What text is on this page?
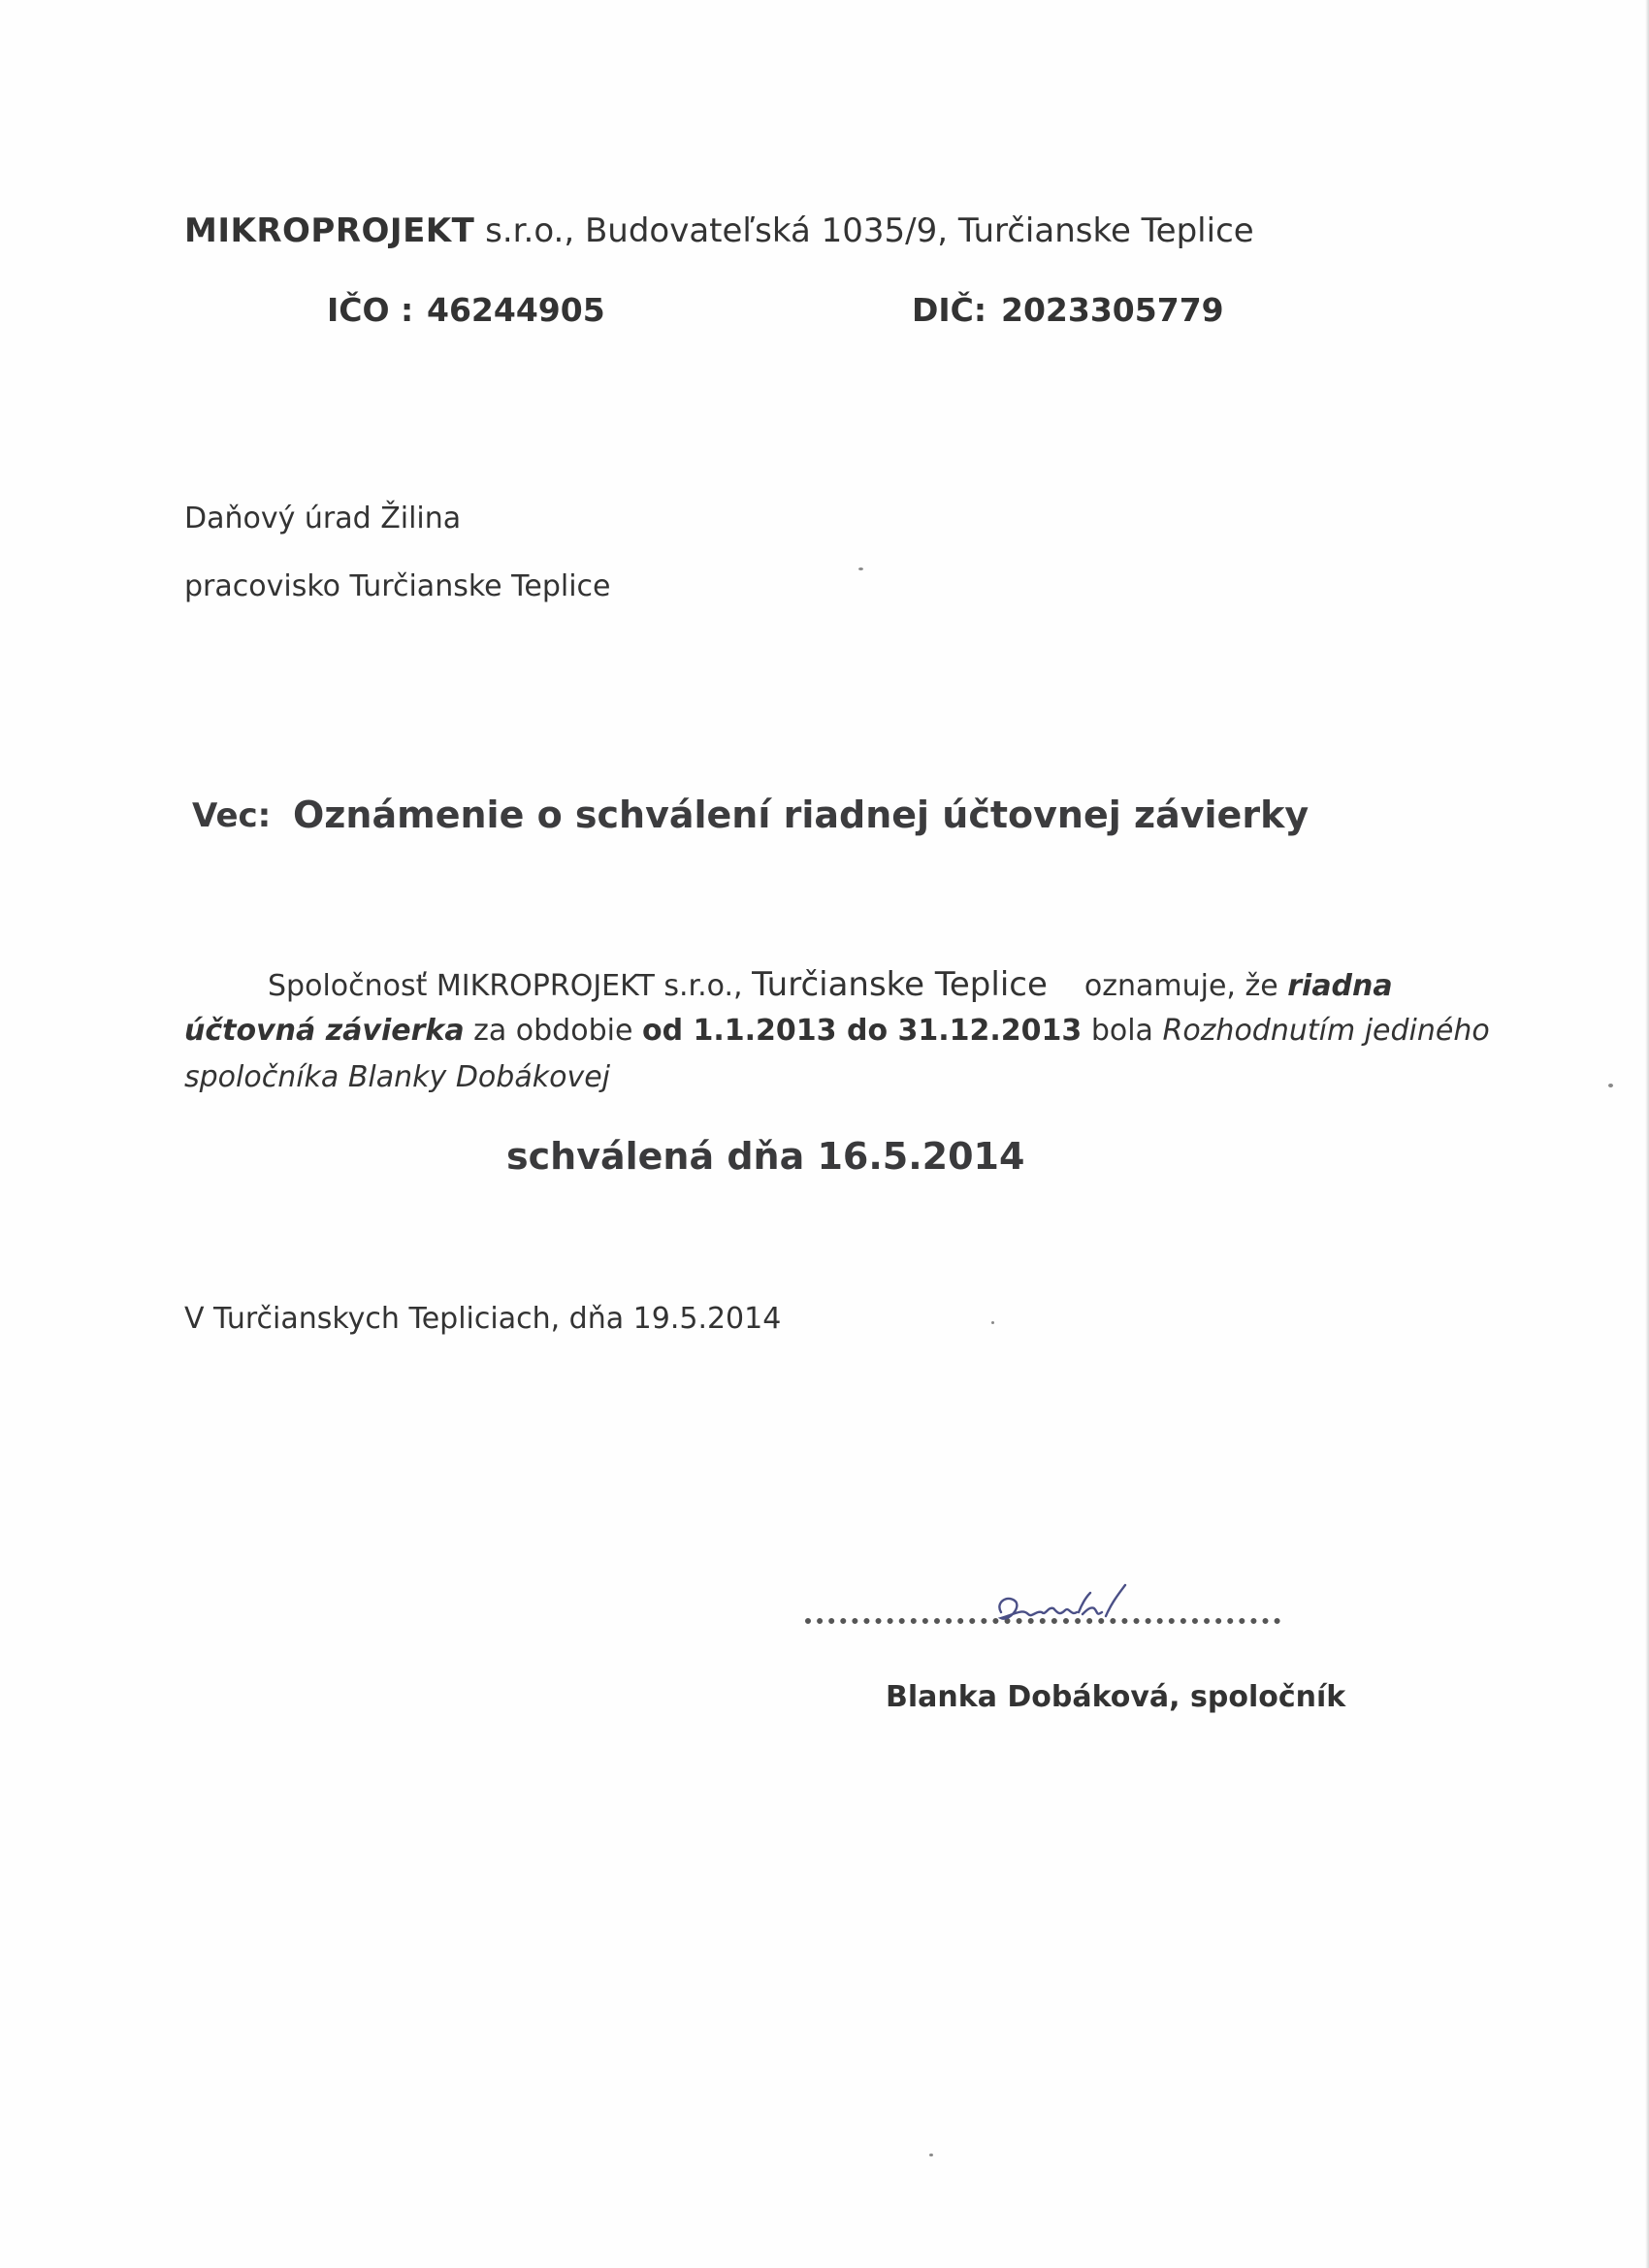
MIKROPROJEKT s.r.o., Budovateľská 1035/9, Turčianske Teplice
IČO : 46244905	DIČ: 2023305779
Daňový úrad Žilina
pracovisko Turčianske Teplice
Vec: Oznámenie o schválení riadnej účtovnej závierky
Spoločnosť MIKROPROJEKT s.r.o., Turčianske Teplice oznamuje, že riadna
účtovná závierka za obdobie od 1.1.2013 do 31.12.2013 bola Rozhodnutím jediného
spoločníka Blanky Dobákovej
schválená dňa 16.5.2014
V Turčianskych Tepliciach, dňa 19.5.2014
Blanka Dobáková, spoločník
